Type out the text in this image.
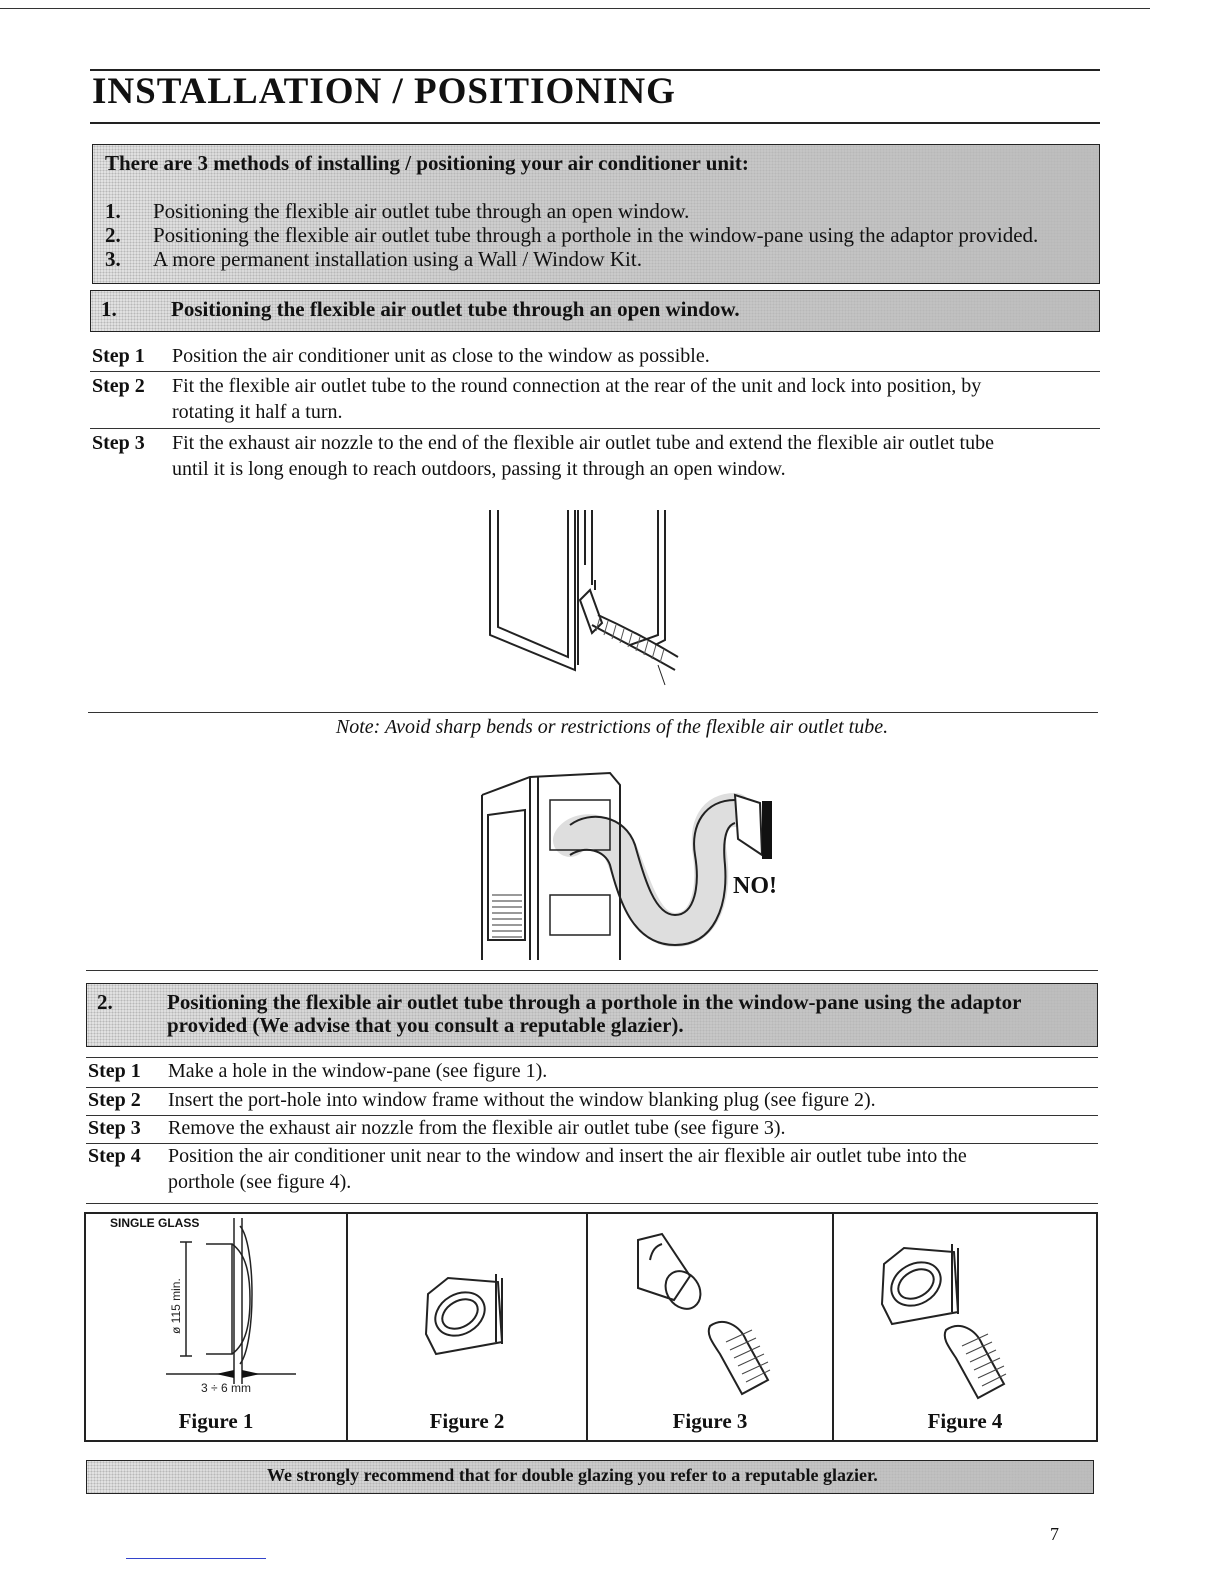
INSTALLATION / POSITIONING
There are 3 methods of installing / positioning your air conditioner unit:
1. Positioning the flexible air outlet tube through an open window.
2. Positioning the flexible air outlet tube through a porthole in the window-pane using the adaptor provided.
3. A more permanent installation using a Wall / Window Kit.
1.	Positioning the flexible air outlet tube through an open window.
Step 1	Position the air conditioner unit as close to the window as possible.
Step 2	Fit the flexible air outlet tube to the round connection at the rear of the unit and lock into position, by
rotating it half a turn.
Step 3	Fit the exhaust air nozzle to the end of the flexible air outlet tube and extend the flexible air outlet tube
until it is long enough to reach outdoors, passing it through an open window.
Note: Avoid sharp bends or restrictions of the flexible air outlet tube.
NO!
2.	Positioning the flexible air outlet tube through a porthole in the window-pane using the adaptor
provided (We advise that you consult a reputable glazier).
Step 1	Make a hole in the window-pane (see figure 1).
Step 2	Insert the port-hole into window frame without the window blanking plug (see figure 2).
Step 3	Remove the exhaust air nozzle from the flexible air outlet tube (see figure 3).
Step 4	Position the air conditioner unit near to the window and insert the air flexible air outlet tube into the
porthole (see figure 4).
SINGLE GLASS
ø 115 min.
3 ÷ 6 mm
Figure 1	Figure 2	Figure 3	Figure 4
We strongly recommend that for double glazing you refer to a reputable glazier.
7
